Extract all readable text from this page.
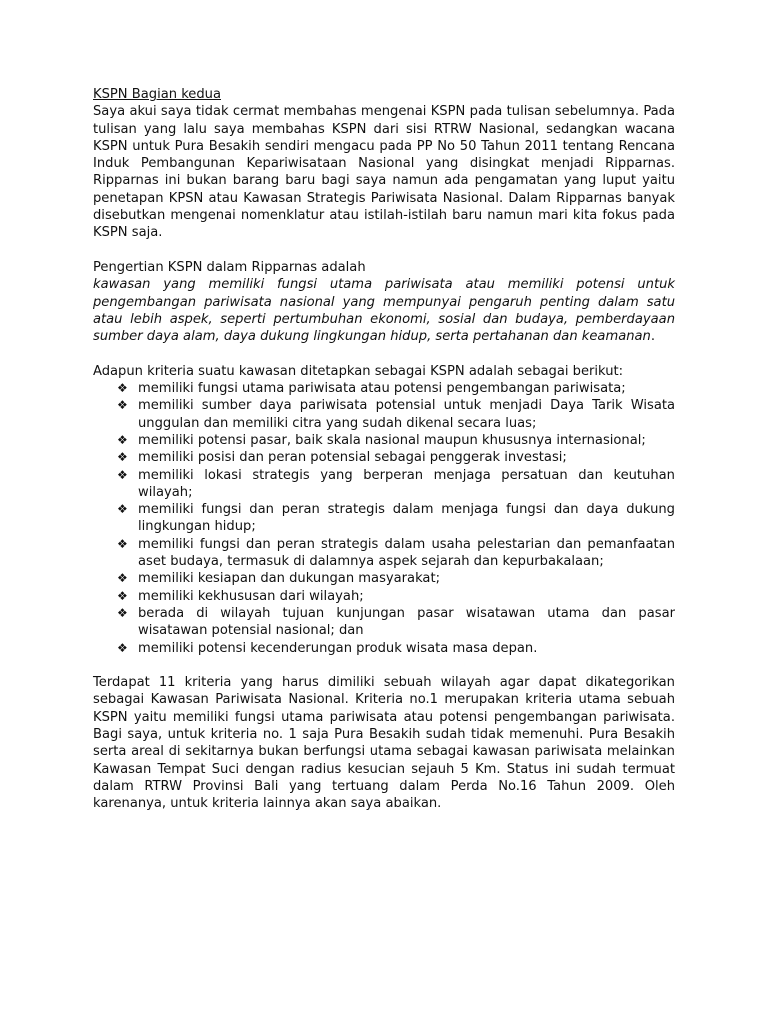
KSPN Bagian kedua

Saya akui saya tidak cermat membahas mengenai KSPN pada tulisan sebelumnya. Pada tulisan yang lalu saya membahas KSPN dari sisi RTRW Nasional, sedangkan wacana KSPN untuk Pura Besakih sendiri mengacu pada PP No 50 Tahun 2011 tentang Rencana Induk Pembangunan Kepariwisataan Nasional yang disingkat menjadi Ripparnas. Ripparnas ini bukan barang baru bagi saya namun ada pengamatan yang luput yaitu penetapan KPSN atau Kawasan Strategis Pariwisata Nasional. Dalam Ripparnas banyak disebutkan mengenai nomenklatur atau istilah-istilah baru namun mari kita fokus pada KSPN saja.

Pengertian KSPN dalam Ripparnas adalah

kawasan yang memiliki fungsi utama pariwisata atau memiliki potensi untuk pengembangan pariwisata nasional yang mempunyai pengaruh penting dalam satu atau lebih aspek, seperti pertumbuhan ekonomi, sosial dan budaya, pemberdayaan sumber daya alam, daya dukung lingkungan hidup, serta pertahanan dan keamanan.

Adapun kriteria suatu kawasan ditetapkan sebagai KSPN adalah sebagai berikut:
❖ memiliki fungsi utama pariwisata atau potensi pengembangan pariwisata;
❖ memiliki sumber daya pariwisata potensial untuk menjadi Daya Tarik Wisata unggulan dan memiliki citra yang sudah dikenal secara luas;
❖ memiliki potensi pasar, baik skala nasional maupun khususnya internasional;
❖ memiliki posisi dan peran potensial sebagai penggerak investasi;
❖ memiliki lokasi strategis yang berperan menjaga persatuan dan keutuhan wilayah;
❖ memiliki fungsi dan peran strategis dalam menjaga fungsi dan daya dukung lingkungan hidup;
❖ memiliki fungsi dan peran strategis dalam usaha pelestarian dan pemanfaatan aset budaya, termasuk di dalamnya aspek sejarah dan kepurbakalaan;
❖ memiliki kesiapan dan dukungan masyarakat;
❖ memiliki kekhususan dari wilayah;
❖ berada di wilayah tujuan kunjungan pasar wisatawan utama dan pasar wisatawan potensial nasional; dan
❖ memiliki potensi kecenderungan produk wisata masa depan.

Terdapat 11 kriteria yang harus dimiliki sebuah wilayah agar dapat dikategorikan sebagai Kawasan Pariwisata Nasional. Kriteria no.1 merupakan kriteria utama sebuah KSPN yaitu memiliki fungsi utama pariwisata atau potensi pengembangan pariwisata. Bagi saya, untuk kriteria no. 1 saja Pura Besakih sudah tidak memenuhi. Pura Besakih serta areal di sekitarnya bukan berfungsi utama sebagai kawasan pariwisata melainkan Kawasan Tempat Suci dengan radius kesucian sejauh 5 Km. Status ini sudah termuat dalam RTRW Provinsi Bali yang tertuang dalam Perda No.16 Tahun 2009. Oleh karenanya, untuk kriteria lainnya akan saya abaikan.
